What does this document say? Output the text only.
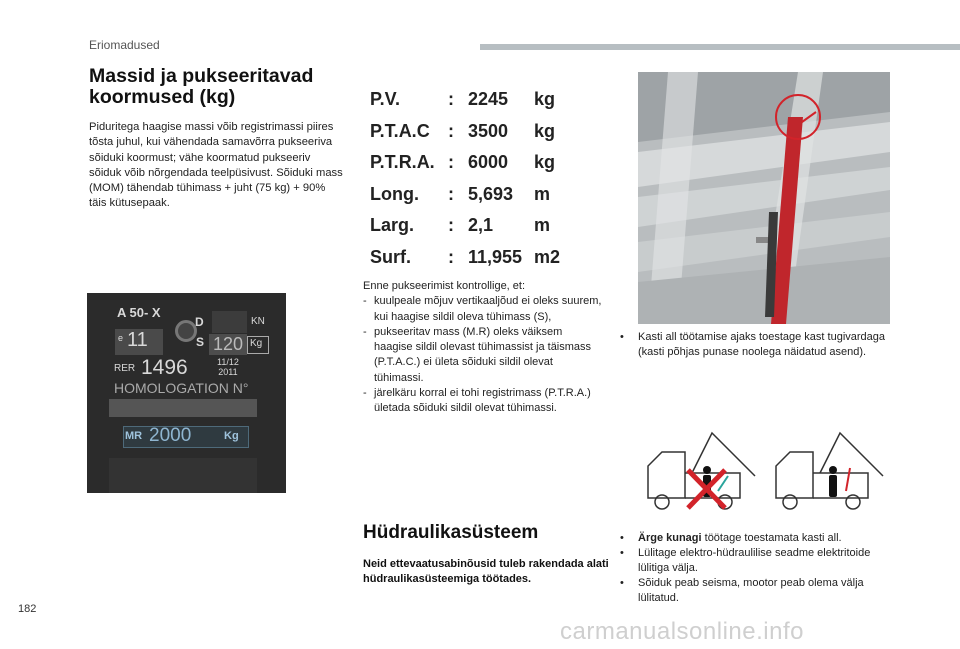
Eriomadused
Massid ja pukseeritavad koormused (kg)
Piduritega haagise massi võib registrimassi piires tõsta juhul, kui vähendada samavõrra pukseeriva sõiduki koormust; vähe koormatud pukseeriv sõiduk võib nõrgendada teelpüsivust. Sõiduki mass (MOM) tähendab tühimass + juht (75 kg) + 90% täis kütusepaak.
P.V.	: 2245	kg
P.T.A.C	: 3500	kg
P.T.R.A. : 6000	kg
Long.	: 5,693	m
Larg.	: 2,1	m
Surf.	: 11,955 m2
A 50- X
D	KN
e 11	S 120 Kg
RER 1496	11/12
2011
HOMOLOGATION N°
MR 2000	Kg
Enne pukseerimist kontrollige, et:
- kuulpeale mõjuv vertikaaljõud ei oleks suurem, kui haagise sildil oleva tühimass (S),
- pukseeritav mass (M.R) oleks väiksem haagise sildil olevast tühimassist ja täismass (P.T.A.C.) ei ületa sõiduki sildil olevat tühimassi.
- järelkäru korral ei tohi registrimass (P.T.R.A.) ületada sõiduki sildil olevat tühimassi.
Hüdraulikasüsteem
Neid ettevaatusabinõusid tuleb rakendada alati hüdraulikasüsteemiga töötades.
• Kasti all töötamise ajaks toestage kast tugivardaga (kasti põhjas punase noolega näidatud asend).
• Ärge kunagi töötage toestamata kasti all.
• Lülitage elektro-hüdraulilise seadme elektritoide lülitiga välja.
• Sõiduk peab seisma, mootor peab olema välja lülitatud.
182
carmanualsonline.info
